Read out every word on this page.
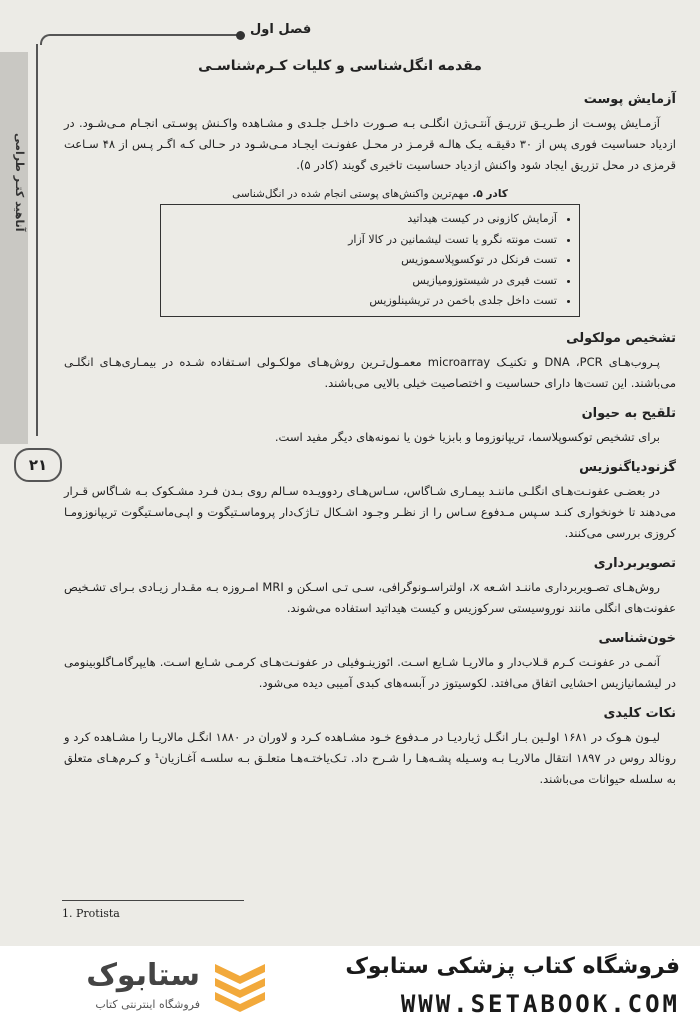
فصل اول
مقدمه انگل‌شناسی و کلیات کـرم‌شناسـی
آناهید کتـر طرامی
۲۱
آزمایش پوست
آزمـایش پوسـت از طـریـق تزریـق آنتـی‌ژن انگلـی بـه صـورت داخـل جلـدی و مشـاهده واکـنش پوسـتی انجـام مـی‌شـود. در ازدیاد حساسیت فوری پس از ۳۰ دقیقـه یـک هالـه قرمـز در محـل عفونـت ایجـاد مـی‌شـود در حـالی کـه اگـر پـس از ۴۸ سـاعت قرمزی در محل تزریق ایجاد شود واکنش ازدیاد حساسیت تاخیری گویند (کادر ۵).
کادر ۵. مهم‌ترین واکنش‌های پوستی انجام شده در انگل‌شناسی
• آزمایش کازونی در کیست هیداتید
• تست مونته نگرو یا تست لیشمانین در کالا آزار
• تست فرنکل در توکسوپلاسموزیس
• تست فیری در شیستوزومیازیس
• تست داخل جلدی باخمن در تریشینلوزیس
تشخیص مولکولی
پـروب‌هـای DNA ،PCR و تکنیـک microarray معمـول‌تـرین روش‌هـای مولکـولی اسـتفاده شـده در بیمـاری‌هـای انگلـی می‌باشند. این تست‌ها دارای حساسیت و اختصاصیت خیلی بالایی می‌باشند.
تلقیح به حیوان
برای تشخیص توکسوپلاسما، تریپانوزوما و بابزیا خون یا نمونه‌های دیگر مفید است.
گزنودیاگنوزیس
در بعضـی عفونـت‌هـای انگلـی ماننـد بیمـاری شـاگاس، سـاس‌هـای ردوویـده سـالم روی بـدن فـرد مشـکوک بـه شـاگاس قـرار می‌دهند تا خونخواری کنـد سـپس مـدفوع سـاس را از نظـر وجـود اشـکال تـاژک‌دار پروماسـتیگوت و اپـی‌ماسـتیگوت تریپانوزومـا کروزی بررسی می‌کنند.
تصویربرداری
روش‌هـای تصـویربرداری ماننـد اشـعه x، اولتراسـونوگرافی، سـی تـی اسـکن و MRI امـروزه بـه مقـدار زیـادی بـرای تشـخیص عفونت‌های انگلی مانند نوروسیستی سرکوزیس و کیست هیداتید استفاده می‌شوند.
خون‌شناسی
آنمـی در عفونـت کـرم قـلاب‌دار و مالاریـا شـایع اسـت. ائوزینـوفیلی در عفونـت‌هـای کرمـی شـایع اسـت. هایپرگامـاگلوبینومی در لیشمانیازیس احشایی اتفاق می‌افتد. لکوسیتوز در آبسه‌های کبدی آمیبی دیده می‌شود.
نکات کلیدی
لیـون هـوک در ۱۶۸۱ اولـین بـار انگـل ژیاردیـا در مـدفوع خـود مشـاهده کـرد و لاوران در ۱۸۸۰ انگـل مالاریـا را مشـاهده کرد و رونالد روس در ۱۸۹۷ انتقال مالاریـا بـه وسـیله پشـه‌هـا را شـرح داد. تـک‌یاختـه‌هـا متعلـق بـه سلسـه آغـازیان¹ و کـرم‌هـای متعلق به سلسله حیوانات می‌باشند.
1. Protista
ستابوک
فروشگاه اینترنتی کتاب
فروشگاه کتاب پزشکی ستابوک
WWW.SETABOOK.COM
